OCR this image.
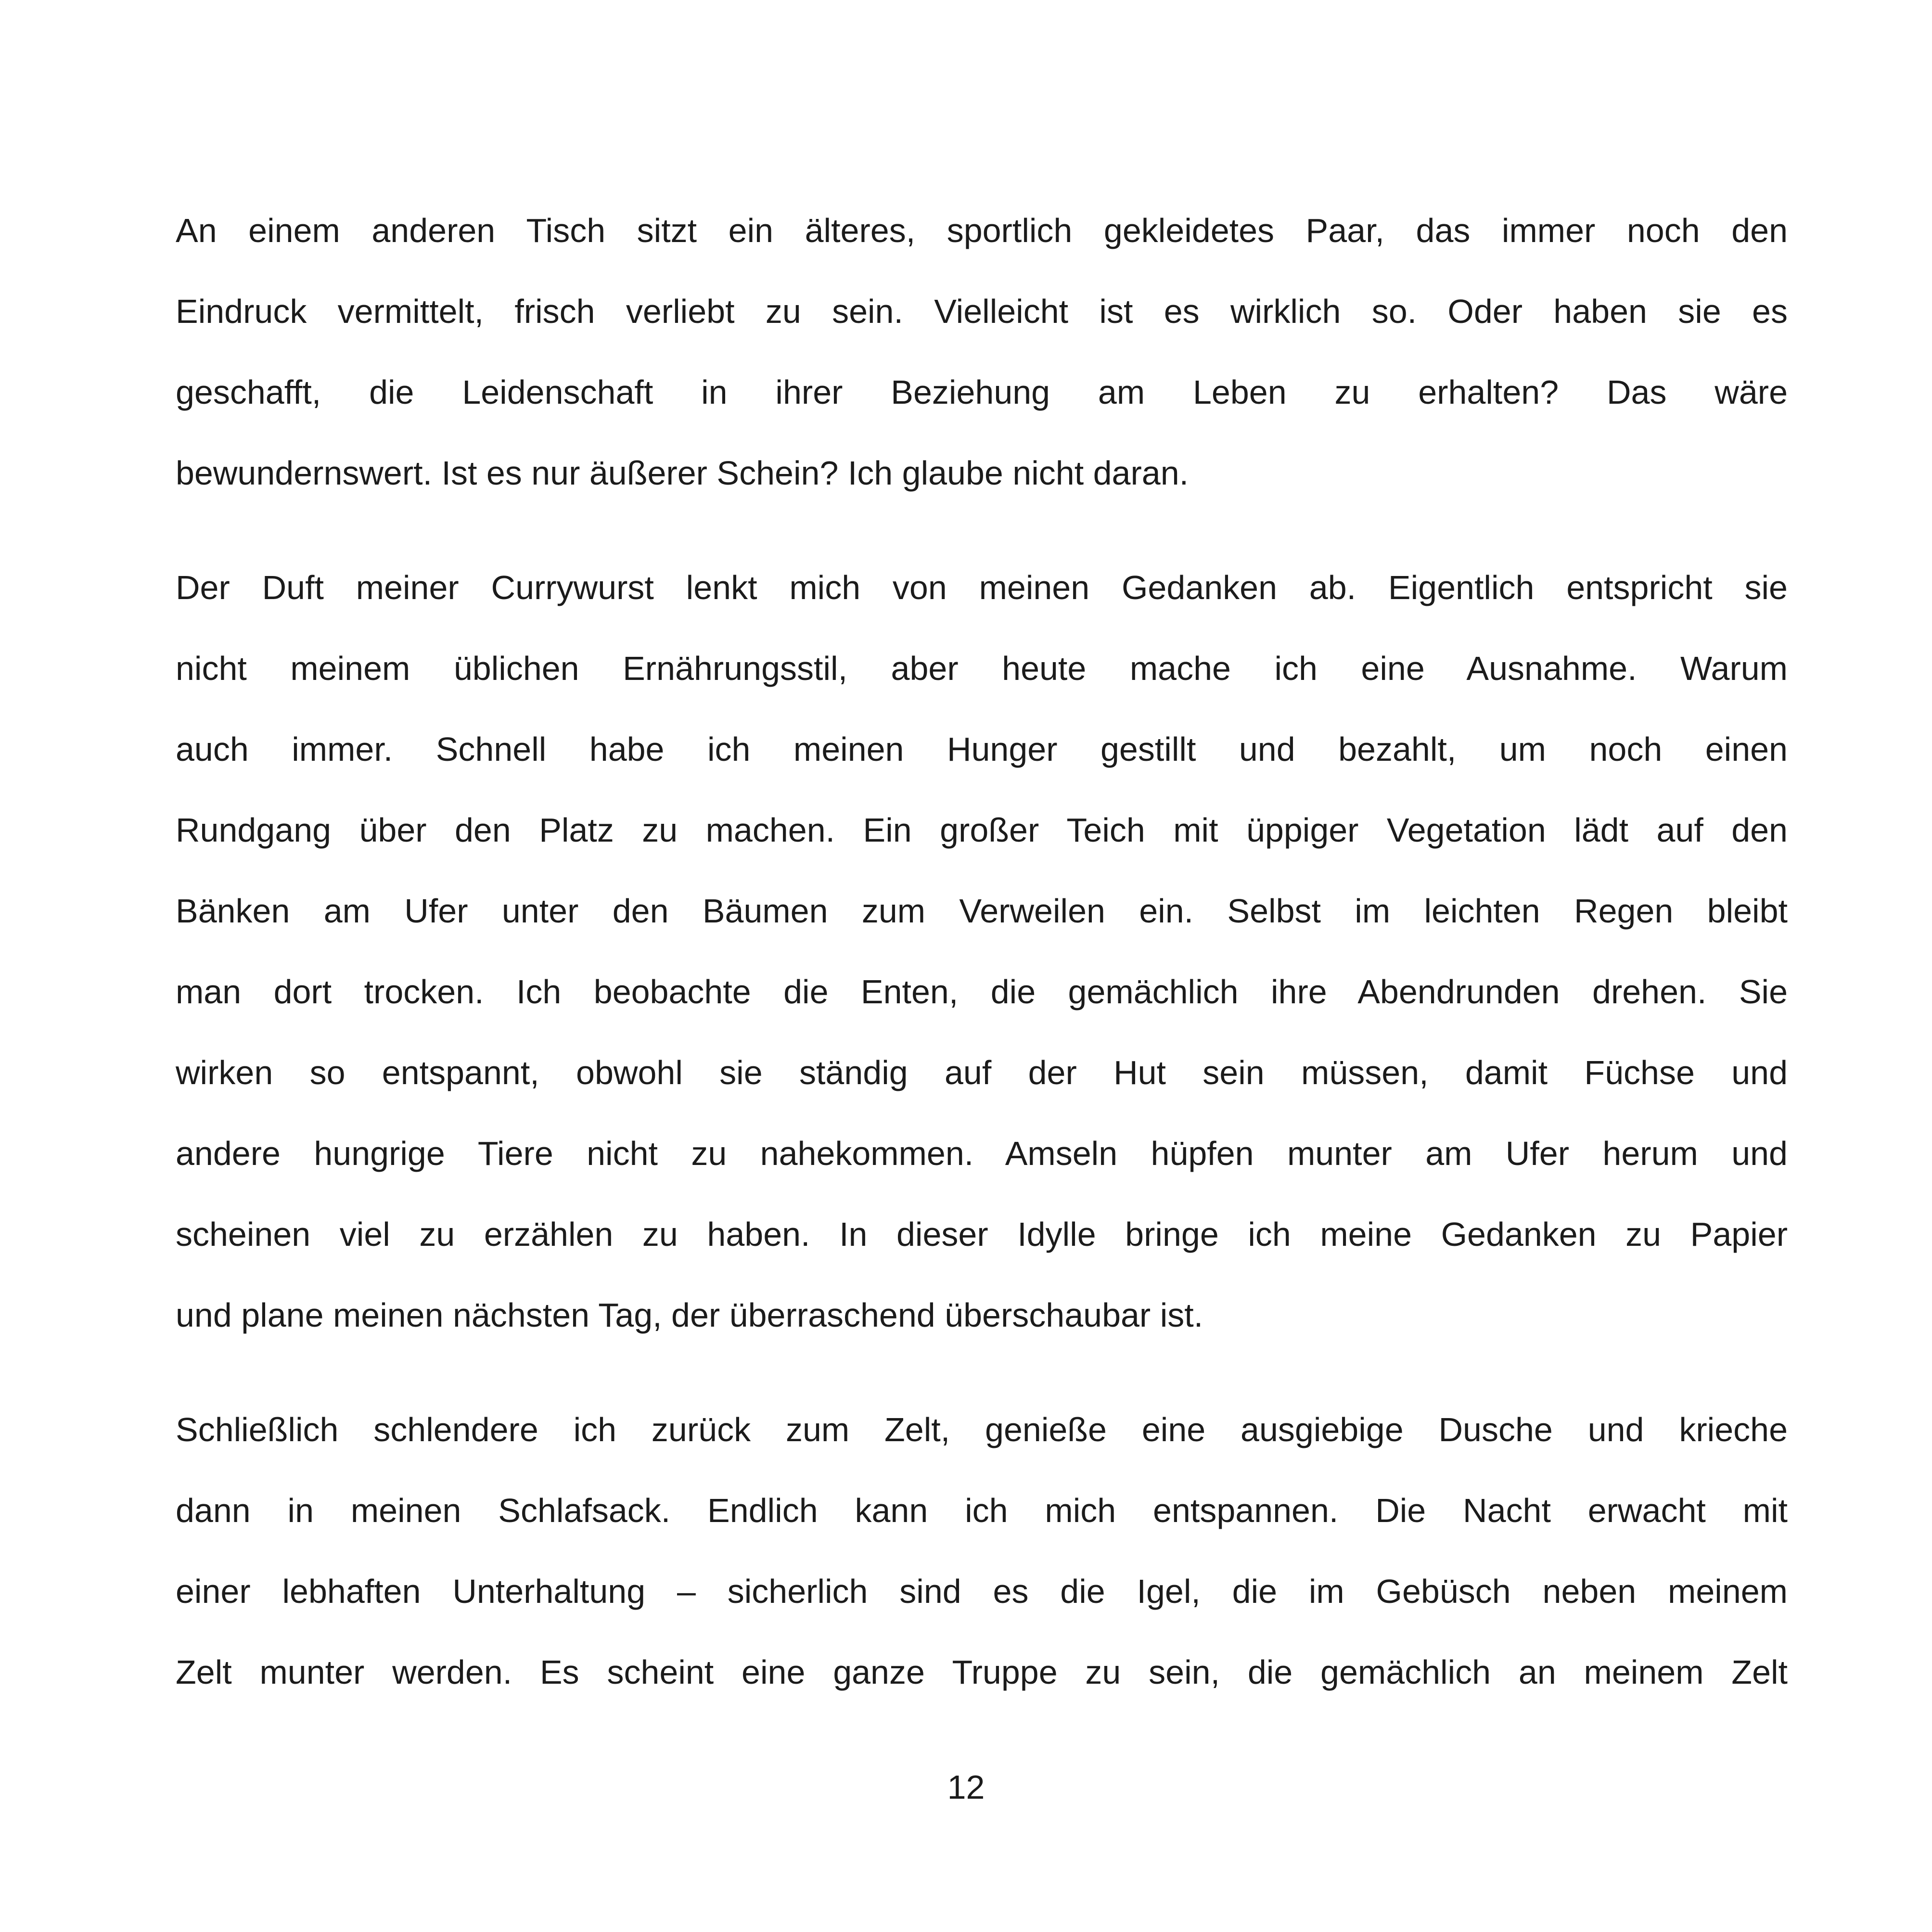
An einem anderen Tisch sitzt ein älteres, sportlich gekleidetes Paar, das immer noch den
Eindruck vermittelt, frisch verliebt zu sein. Vielleicht ist es wirklich so. Oder haben sie es
geschafft, die Leidenschaft in ihrer Beziehung am Leben zu erhalten? Das wäre
bewundernswert. Ist es nur äußerer Schein? Ich glaube nicht daran.

Der Duft meiner Currywurst lenkt mich von meinen Gedanken ab. Eigentlich entspricht sie
nicht meinem üblichen Ernährungsstil, aber heute mache ich eine Ausnahme. Warum
auch immer. Schnell habe ich meinen Hunger gestillt und bezahlt, um noch einen
Rundgang über den Platz zu machen. Ein großer Teich mit üppiger Vegetation lädt auf den
Bänken am Ufer unter den Bäumen zum Verweilen ein. Selbst im leichten Regen bleibt
man dort trocken. Ich beobachte die Enten, die gemächlich ihre Abendrunden drehen. Sie
wirken so entspannt, obwohl sie ständig auf der Hut sein müssen, damit Füchse und
andere hungrige Tiere nicht zu nahekommen. Amseln hüpfen munter am Ufer herum und
scheinen viel zu erzählen zu haben. In dieser Idylle bringe ich meine Gedanken zu Papier
und plane meinen nächsten Tag, der überraschend überschaubar ist.

Schließlich schlendere ich zurück zum Zelt, genieße eine ausgiebige Dusche und krieche
dann in meinen Schlafsack. Endlich kann ich mich entspannen. Die Nacht erwacht mit
einer lebhaften Unterhaltung – sicherlich sind es die Igel, die im Gebüsch neben meinem
Zelt munter werden. Es scheint eine ganze Truppe zu sein, die gemächlich an meinem Zelt

12
